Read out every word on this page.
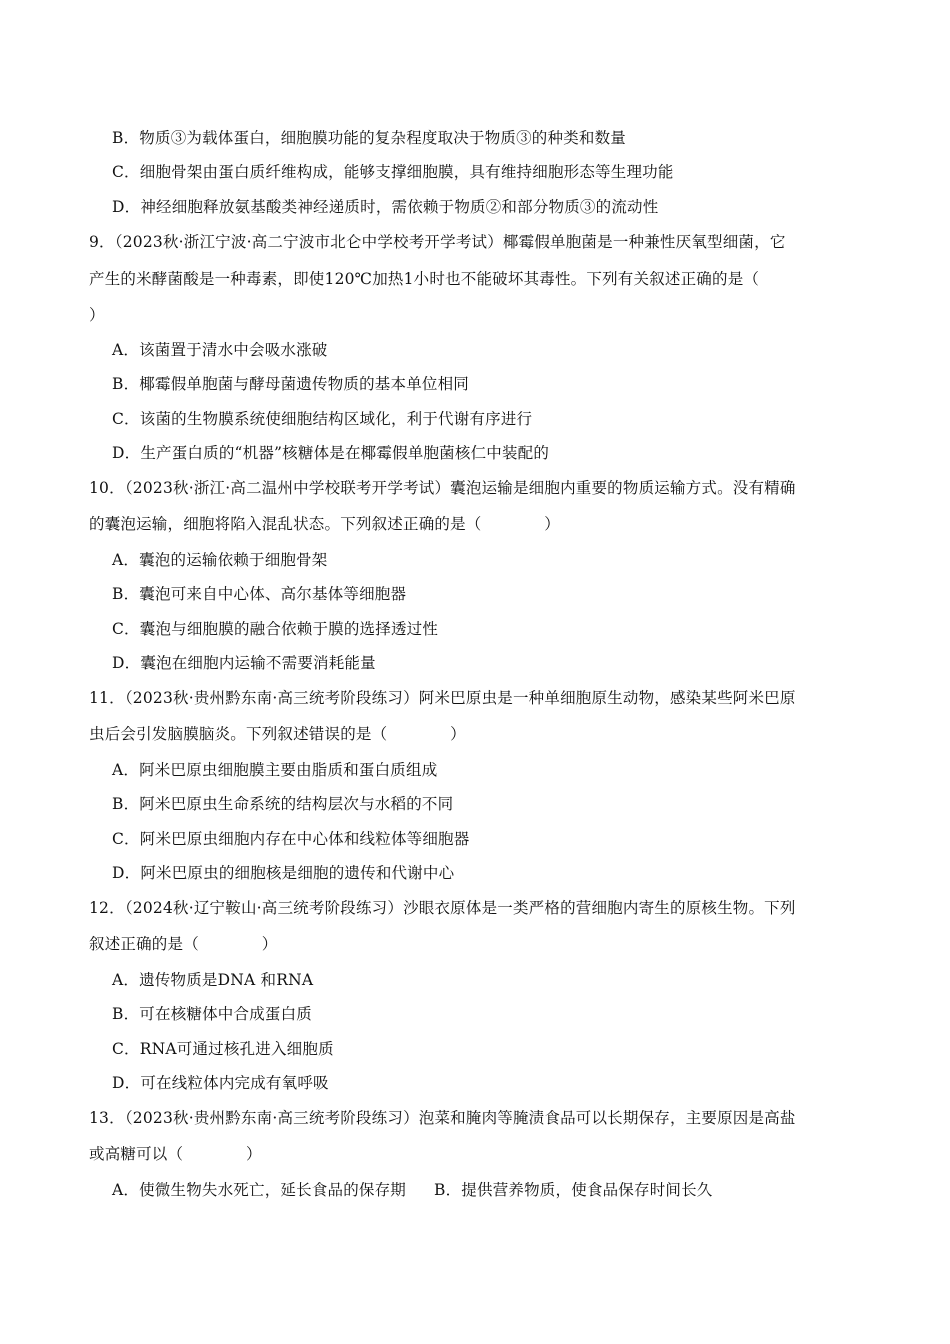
B．物质③为载体蛋白，细胞膜功能的复杂程度取决于物质③的种类和数量
C．细胞骨架由蛋白质纤维构成，能够支撑细胞膜，具有维持细胞形态等生理功能
D．神经细胞释放氨基酸类神经递质时，需依赖于物质②和部分物质③的流动性
9．（2023秋·浙江宁波·高二宁波市北仑中学校考开学考试）椰霉假单胞菌是一种兼性厌氧型细菌，它
产生的米酵菌酸是一种毒素，即使120℃加热1小时也不能破坏其毒性。下列有关叙述正确的是（
）
A．该菌置于清水中会吸水涨破
B．椰霉假单胞菌与酵母菌遗传物质的基本单位相同
C．该菌的生物膜系统使细胞结构区域化，利于代谢有序进行
D．生产蛋白质的“机器”核糖体是在椰霉假单胞菌核仁中装配的
10．（2023秋·浙江·高二温州中学校联考开学考试）囊泡运输是细胞内重要的物质运输方式。没有精确
的囊泡运输，细胞将陷入混乱状态。下列叙述正确的是（　　　　）
A．囊泡的运输依赖于细胞骨架
B．囊泡可来自中心体、高尔基体等细胞器
C．囊泡与细胞膜的融合依赖于膜的选择透过性
D．囊泡在细胞内运输不需要消耗能量
11．（2023秋·贵州黔东南·高三统考阶段练习）阿米巴原虫是一种单细胞原生动物，感染某些阿米巴原
虫后会引发脑膜脑炎。下列叙述错误的是（　　　　）
A．阿米巴原虫细胞膜主要由脂质和蛋白质组成
B．阿米巴原虫生命系统的结构层次与水稻的不同
C．阿米巴原虫细胞内存在中心体和线粒体等细胞器
D．阿米巴原虫的细胞核是细胞的遗传和代谢中心
12．（2024秋·辽宁鞍山·高三统考阶段练习）沙眼衣原体是一类严格的营细胞内寄生的原核生物。下列
叙述正确的是（　　　　）
A．遗传物质是DNA 和RNA
B．可在核糖体中合成蛋白质
C．RNA可通过核孔进入细胞质
D．可在线粒体内完成有氧呼吸
13．（2023秋·贵州黔东南·高三统考阶段练习）泡菜和腌肉等腌渍食品可以长期保存，主要原因是高盐
或高糖可以（　　　　）
A．使微生物失水死亡，延长食品的保存期 B．提供营养物质，使食品保存时间长久
